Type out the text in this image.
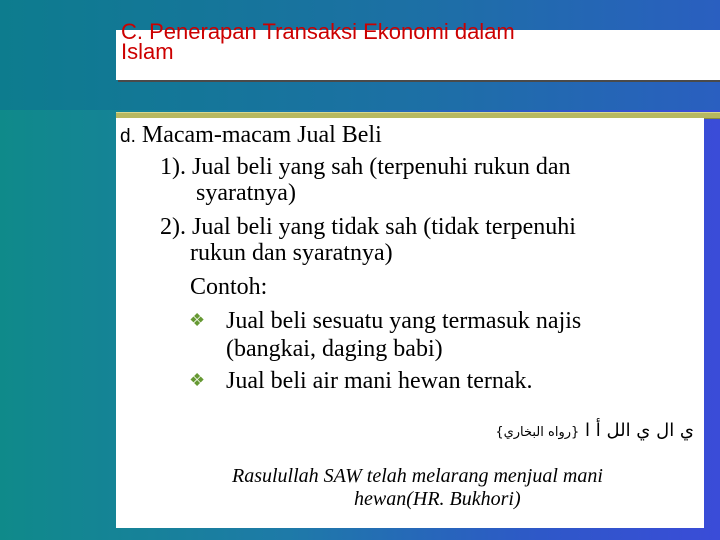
C. Penerapan Transaksi Ekonomi dalam
Islam
d. Macam-macam Jual Beli
1). Jual beli yang sah (terpenuhi rukun dan
syaratnya)
2). Jual beli yang tidak sah (tidak terpenuhi
rukun dan syaratnya)
Contoh:
❖ Jual beli sesuatu yang termasuk najis
(bangkai, daging babi)
❖ Jual beli air mani hewan ternak.
ي ال ي الل أ ا {رواه البخاري}
Rasulullah SAW telah melarang menjual mani
hewan(HR. Bukhori)
